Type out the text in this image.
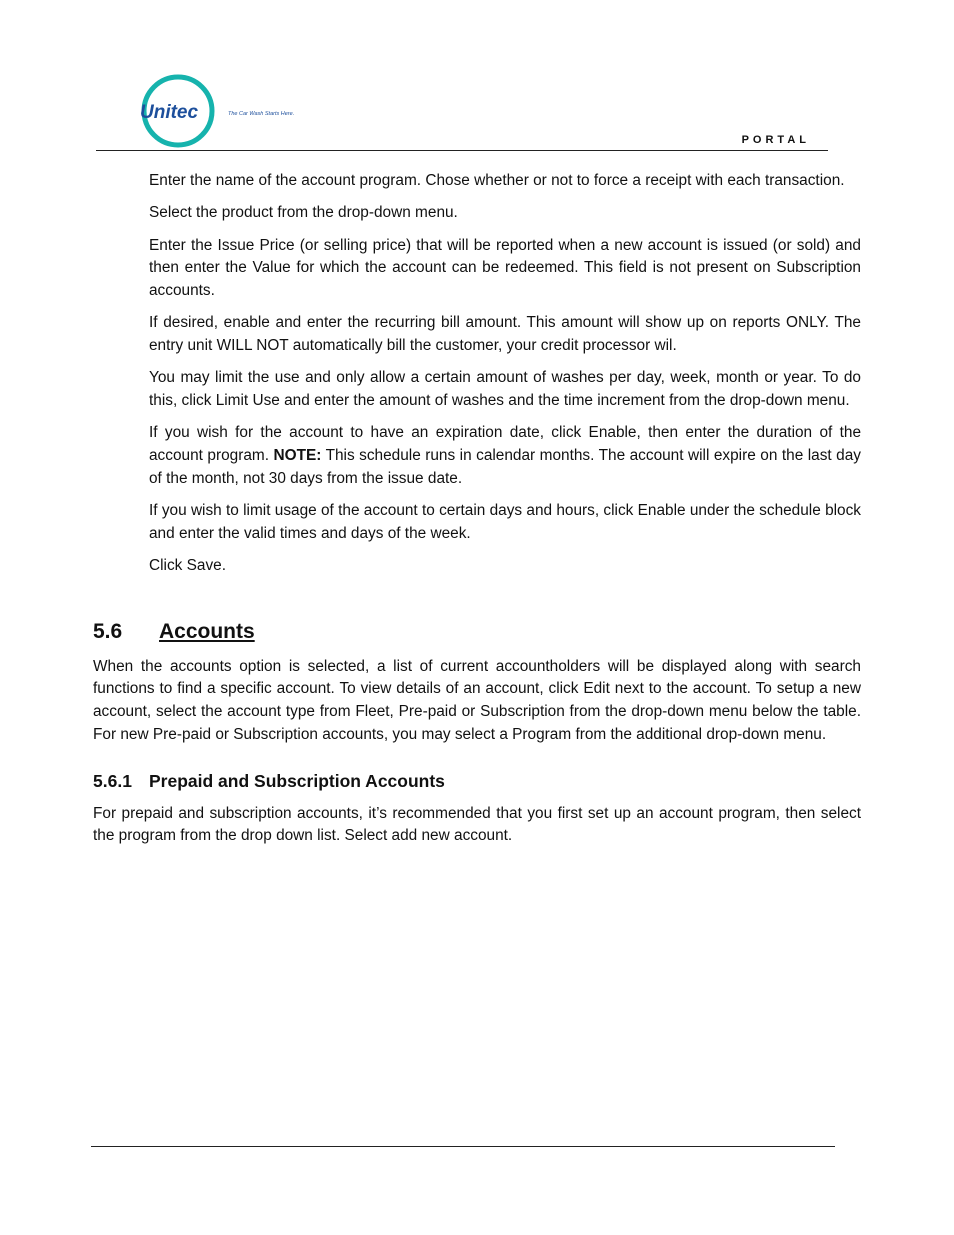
Unitec	The Car Wash Starts Here.
PORTAL

Enter the name of the account program. Chose whether or not to force a receipt with each transaction.

Select the product from the drop-down menu.

Enter the Issue Price (or selling price) that will be reported when a new account is issued (or sold) and then enter the Value for which the account can be redeemed. This field is not present on Subscription accounts.

If desired, enable and enter the recurring bill amount. This amount will show up on reports ONLY. The entry unit WILL NOT automatically bill the customer, your credit processor wil.

You may limit the use and only allow a certain amount of washes per day, week, month or year. To do this, click Limit Use and enter the amount of washes and the time increment from the drop-down menu.

If you wish for the account to have an expiration date, click Enable, then enter the duration of the account program. NOTE: This schedule runs in calendar months. The account will expire on the last day of the month, not 30 days from the issue date.

If you wish to limit usage of the account to certain days and hours, click Enable under the schedule block and enter the valid times and days of the week.

Click Save.

5.6 Accounts

When the accounts option is selected, a list of current accountholders will be displayed along with search functions to find a specific account. To view details of an account, click Edit next to the account. To setup a new account, select the account type from Fleet, Pre-paid or Subscription from the drop-down menu below the table. For new Pre-paid or Subscription accounts, you may select a Program from the additional drop-down menu.

5.6.1 Prepaid and Subscription Accounts

For prepaid and subscription accounts, it’s recommended that you first set up an account program, then select the program from the drop down list. Select add new account.
